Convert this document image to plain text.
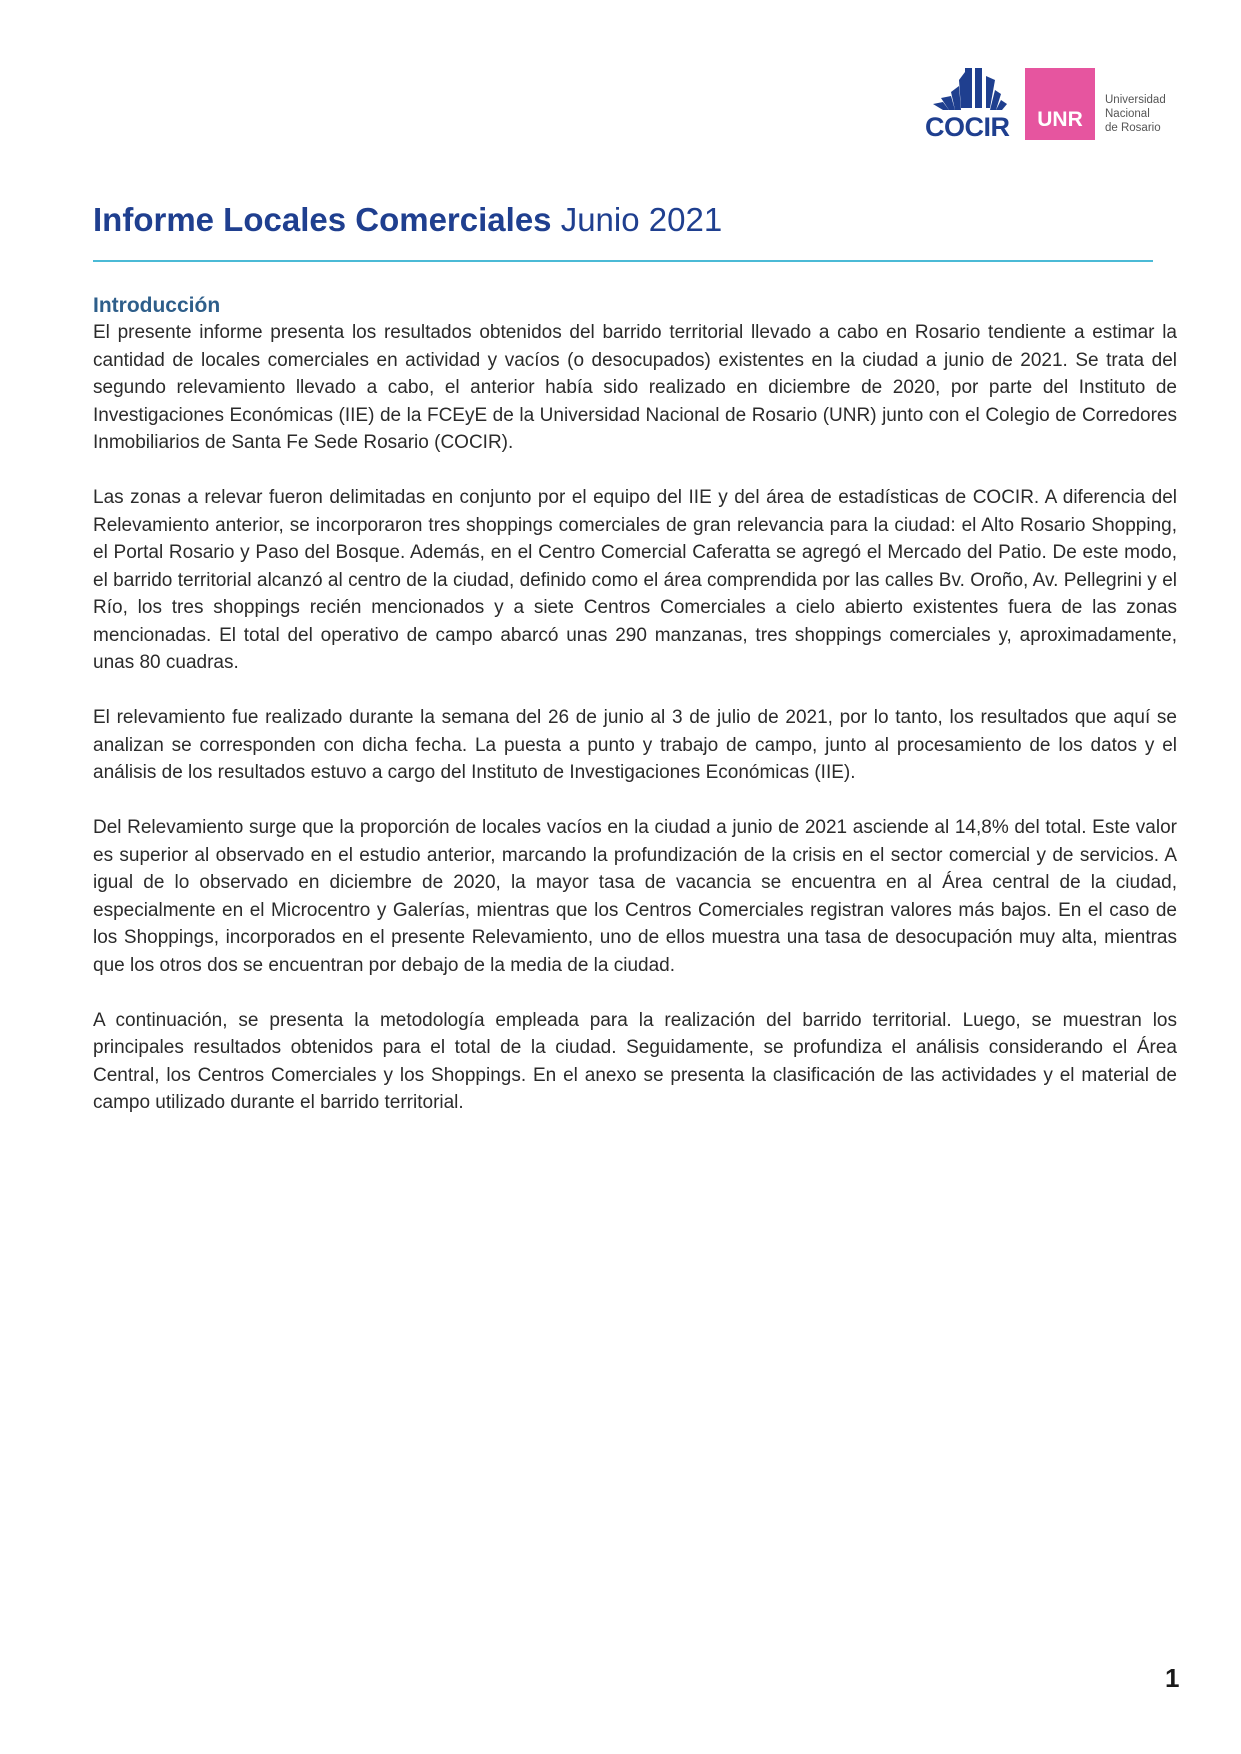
COCIR	UNR
Universidad
Nacional
de Rosario
Informe Locales Comerciales Junio 2021
Introducción

El presente informe presenta los resultados obtenidos del barrido territorial llevado a cabo en Rosario tendiente a estimar la cantidad de locales comerciales en actividad y vacíos (o desocupados) existentes en la ciudad a junio de 2021. Se trata del segundo relevamiento llevado a cabo, el anterior había sido realizado en diciembre de 2020, por parte del Instituto de Investigaciones Económicas (IIE) de la FCEyE de la Universidad Nacional de Rosario (UNR) junto con el Colegio de Corredores Inmobiliarios de Santa Fe Sede Rosario (COCIR).

Las zonas a relevar fueron delimitadas en conjunto por el equipo del IIE y del área de estadísticas de COCIR. A diferencia del Relevamiento anterior, se incorporaron tres shoppings comerciales de gran relevancia para la ciudad: el Alto Rosario Shopping, el Portal Rosario y Paso del Bosque. Además, en el Centro Comercial Caferatta se agregó el Mercado del Patio. De este modo, el barrido territorial alcanzó al centro de la ciudad, definido como el área comprendida por las calles Bv. Oroño, Av. Pellegrini y el Río, los tres shoppings recién mencionados y a siete Centros Comerciales a cielo abierto existentes fuera de las zonas mencionadas. El total del operativo de campo abarcó unas 290 manzanas, tres shoppings comerciales y, aproximadamente, unas 80 cuadras.

El relevamiento fue realizado durante la semana del 26 de junio al 3 de julio de 2021, por lo tanto, los resultados que aquí se analizan se corresponden con dicha fecha. La puesta a punto y trabajo de campo, junto al procesamiento de los datos y el análisis de los resultados estuvo a cargo del Instituto de Investigaciones Económicas (IIE).

Del Relevamiento surge que la proporción de locales vacíos en la ciudad a junio de 2021 asciende al 14,8% del total. Este valor es superior al observado en el estudio anterior, marcando la profundización de la crisis en el sector comercial y de servicios. A igual de lo observado en diciembre de 2020, la mayor tasa de vacancia se encuentra en al Área central de la ciudad, especialmente en el Microcentro y Galerías, mientras que los Centros Comerciales registran valores más bajos. En el caso de los Shoppings, incorporados en el presente Relevamiento, uno de ellos muestra una tasa de desocupación muy alta, mientras que los otros dos se encuentran por debajo de la media de la ciudad.

A continuación, se presenta la metodología empleada para la realización del barrido territorial. Luego, se muestran los principales resultados obtenidos para el total de la ciudad. Seguidamente, se profundiza el análisis considerando el Área Central, los Centros Comerciales y los Shoppings. En el anexo se presenta la clasificación de las actividades y el material de campo utilizado durante el barrido territorial.

1
